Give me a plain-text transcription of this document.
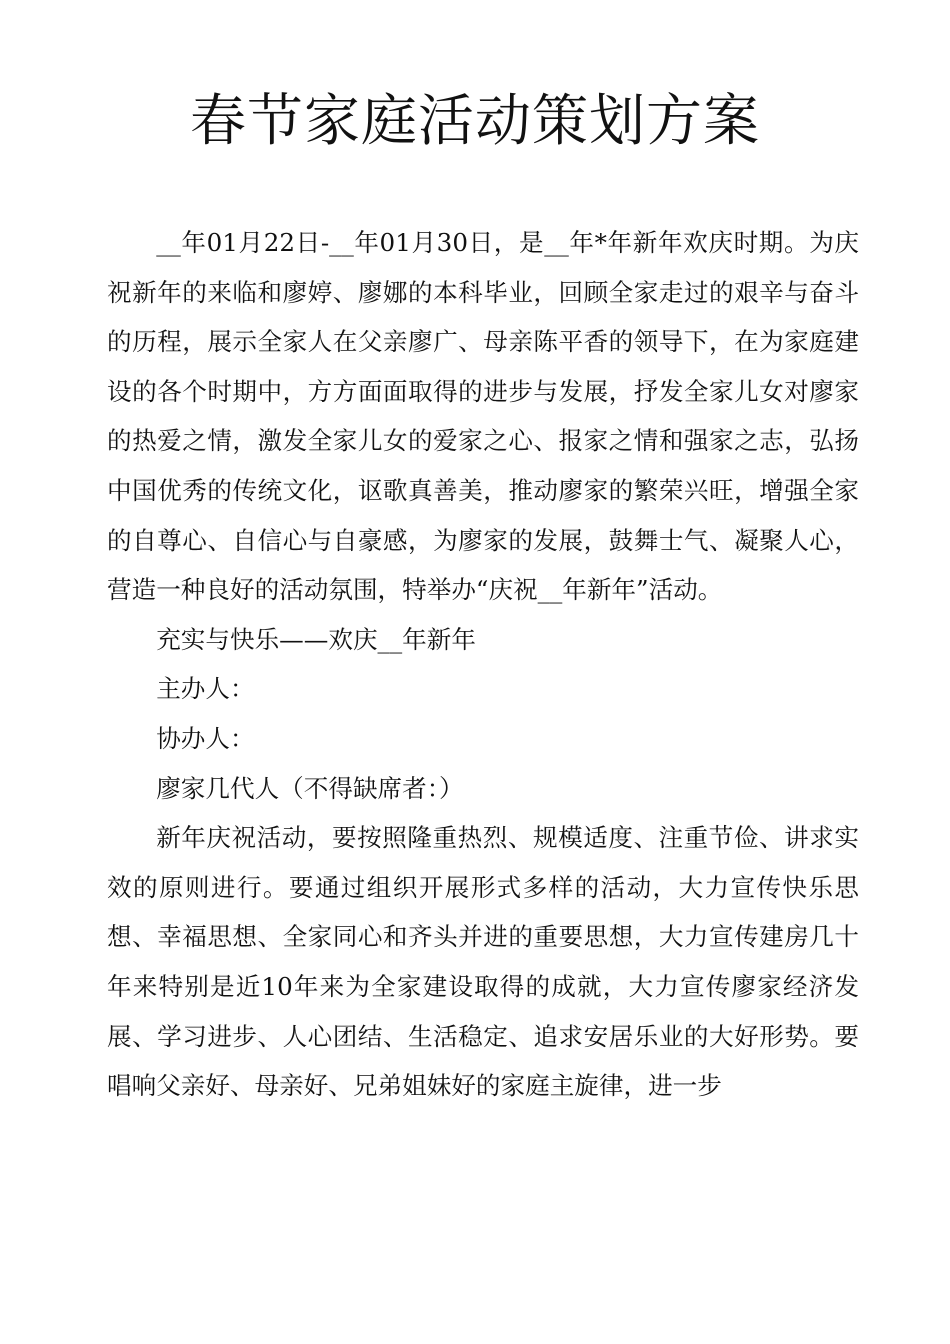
春节家庭活动策划方案

__年01月22日-__年01月30日，是__年*年新年欢庆时期。为庆祝新年的来临和廖婷、廖娜的本科毕业，回顾全家走过的艰辛与奋斗的历程，展示全家人在父亲廖广、母亲陈平香的领导下，在为家庭建设的各个时期中，方方面面取得的进步与发展，抒发全家儿女对廖家的热爱之情，激发全家儿女的爱家之心、报家之情和强家之志，弘扬中国优秀的传统文化，讴歌真善美，推动廖家的繁荣兴旺，增强全家的自尊心、自信心与自豪感，为廖家的发展，鼓舞士气、凝聚人心，营造一种良好的活动氛围，特举办“庆祝__年新年”活动。

充实与快乐——欢庆__年新年

主办人：

协办人：

廖家几代人（不得缺席者：）

新年庆祝活动，要按照隆重热烈、规模适度、注重节俭、讲求实效的原则进行。要通过组织开展形式多样的活动，大力宣传快乐思想、幸福思想、全家同心和齐头并进的重要思想，大力宣传建房几十年来特别是近10年来为全家建设取得的成就，大力宣传廖家经济发展、学习进步、人心团结、生活稳定、追求安居乐业的大好形势。要唱响父亲好、母亲好、兄弟姐妹好的家庭主旋律，进一步
